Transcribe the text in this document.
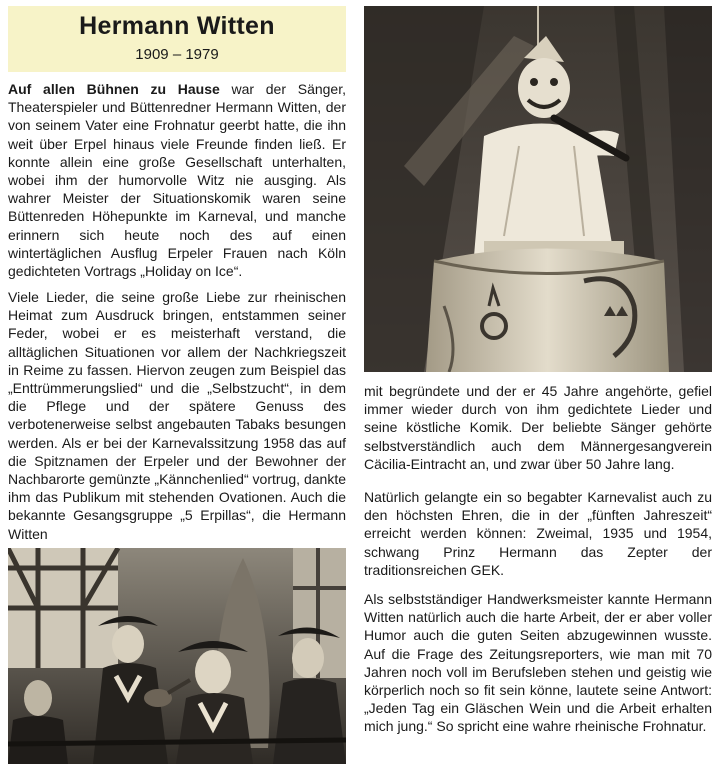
Hermann Witten
1909 – 1979

Auf allen Bühnen zu Hause war der Sänger, Theaterspieler und Büttenredner Hermann Witten, der von seinem Vater eine Frohnatur geerbt hatte, die ihn weit über Erpel hinaus viele Freunde finden ließ. Er konnte allein eine große Gesellschaft unterhalten, wobei ihm der humorvolle Witz nie ausging. Als wahrer Meister der Situationskomik waren seine Büttenreden Höhepunkte im Karneval, und manche erinnern sich heute noch des auf einen wintertäglichen Ausflug Erpeler Frauen nach Köln gedichteten Vortrags „Holiday on Ice“.

Viele Lieder, die seine große Liebe zur rheinischen Heimat zum Ausdruck bringen, entstammen seiner Feder, wobei er es meisterhaft verstand, die alltäglichen Situationen vor allem der Nachkriegszeit in Reime zu fassen. Hiervon zeugen zum Beispiel das „Enttrümmerungslied“ und die „Selbstzucht“, in dem die Pflege und der spätere Genuss des verbotenerweise selbst angebauten Tabaks besungen werden. Als er bei der Karnevalssitzung 1958 das auf die Spitznamen der Erpeler und der Bewohner der Nachbarorte gemünzte „Kännchenlied“ vortrug, dankte ihm das Publikum mit stehenden Ovationen. Auch die bekannte Gesangsgruppe „5 Erpillas“, die Hermann Witten

mit begründete und der er 45 Jahre angehörte, gefiel immer wieder durch von ihm gedichtete Lieder und seine köstliche Komik. Der beliebte Sänger gehörte selbstverständlich auch dem Männergesangverein Cäcilia-Eintracht an, und zwar über 50 Jahre lang.

Natürlich gelangte ein so begabter Karnevalist auch zu den höchsten Ehren, die in der „fünften Jahreszeit“ erreicht werden können: Zweimal, 1935 und 1954, schwang Prinz Hermann das Zepter der traditionsreichen GEK.

Als selbstständiger Handwerksmeister kannte Hermann Witten natürlich auch die harte Arbeit, der er aber voller Humor auch die guten Seiten abzugewinnen wusste. Auf die Frage des Zeitungsreporters, wie man mit 70 Jahren noch voll im Berufsleben stehen und geistig wie körperlich noch so fit sein könne, lautete seine Antwort: „Jeden Tag ein Gläschen Wein und die Arbeit erhalten mich jung.“ So spricht eine wahre rheinische Frohnatur.
